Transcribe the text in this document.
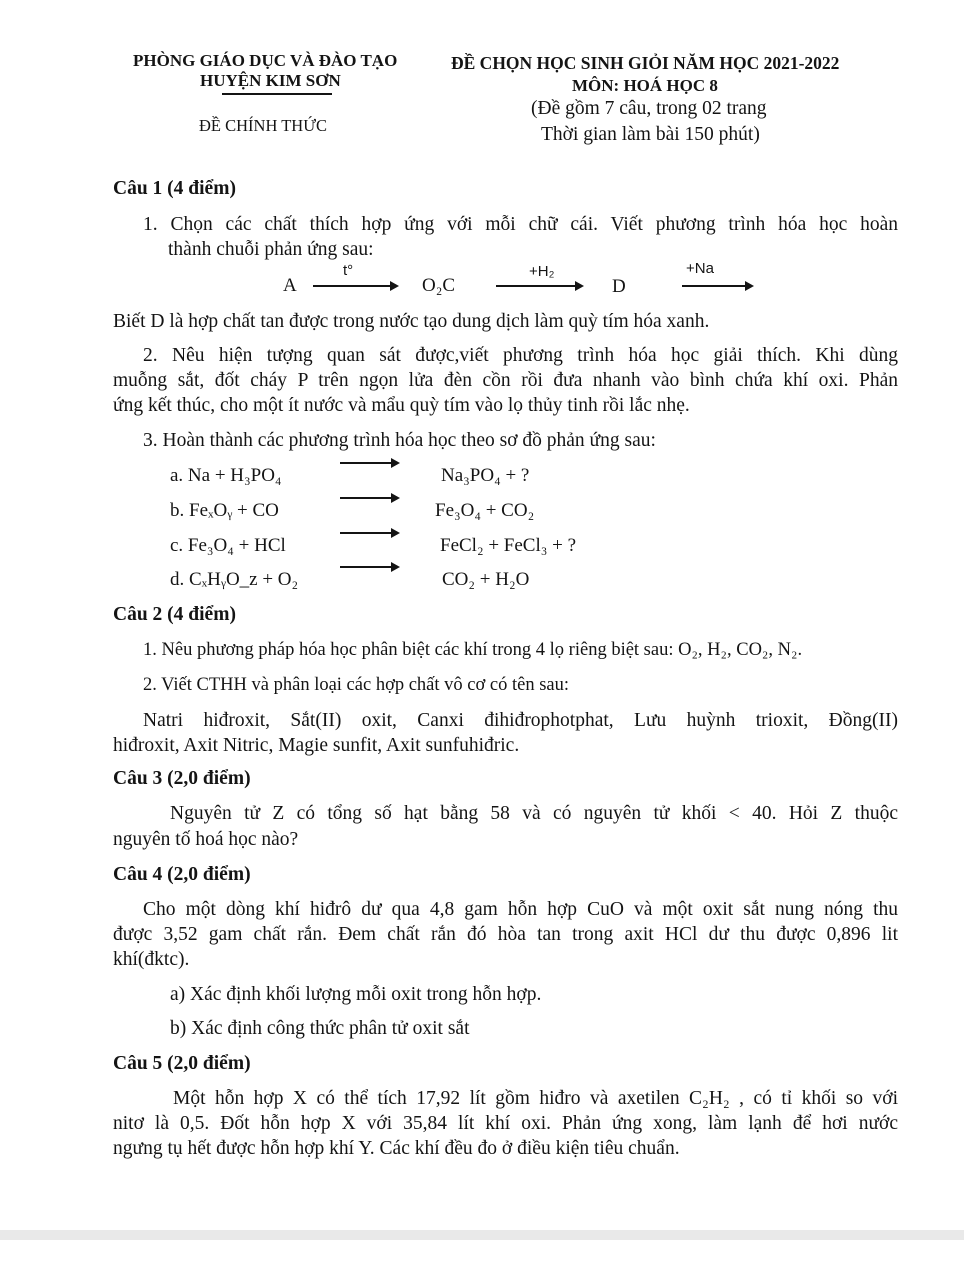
PHÒNG GIÁO DỤC VÀ ĐÀO TẠO
HUYỆN KIM SƠN
ĐỀ CHÍNH THỨC
ĐỀ CHỌN HỌC SINH GIỎI NĂM HỌC 2021-2022
MÔN: HOÁ HỌC 8
(Đề gồm 7 câu, trong 02 trang
Thời gian làm bài 150 phút)
Câu 1 (4 điểm)
1. Chọn các chất thích hợp ứng với mỗi chữ cái. Viết phương trình hóa học hoàn
thành chuỗi phản ứng sau:
A
t°
O₂C
+H₂
D
+Na
Biết D là hợp chất tan được trong nước tạo dung dịch làm quỳ tím hóa xanh.
2. Nêu hiện tượng quan sát được,viết phương trình hóa học giải thích. Khi dùng
muỗng sắt, đốt cháy P trên ngọn lửa đèn cồn rồi đưa nhanh vào bình chứa khí oxi. Phản
ứng kết thúc, cho một ít nước và mẩu quỳ tím vào lọ thủy tinh rồi lắc nhẹ.
3. Hoàn thành các phương trình hóa học theo sơ đồ phản ứng sau:
a. Na + H₃PO₄	Na₃PO₄ + ?
b. FeₓOᵧ + CO	Fe₃O₄ + CO₂
c. Fe₃O₄ + HCl	FeCl₂ + FeCl₃ + ?
d. CₓHᵧO_z + O₂	CO₂ + H₂O
Câu 2 (4 điểm)
1. Nêu phương pháp hóa học phân biệt các khí trong 4 lọ riêng biệt sau: O₂, H₂, CO₂, N₂.
2. Viết CTHH và phân loại các hợp chất vô cơ có tên sau:
Natri hiđroxit, Sắt(II) oxit, Canxi đihiđrophotphat, Lưu huỳnh trioxit, Đồng(II)
hiđroxit, Axit Nitric, Magie sunfit, Axit sunfuhiđric.
Câu 3 (2,0 điểm)
Nguyên tử Z có tổng số hạt bằng 58 và có nguyên tử khối < 40. Hỏi Z thuộc
nguyên tố hoá học nào?
Câu 4 (2,0 điểm)
Cho một dòng khí hiđrô dư qua 4,8 gam hỗn hợp CuO và một oxit sắt nung nóng thu
được 3,52 gam chất rắn. Đem chất rắn đó hòa tan trong axit HCl dư thu được 0,896 lit
khí(đktc).
a) Xác định khối lượng mỗi oxit trong hỗn hợp.
b) Xác định công thức phân tử oxit sắt
Câu 5 (2,0 điểm)
Một hỗn hợp X có thể tích 17,92 lít gồm hiđro và axetilen C₂H₂ , có tỉ khối so với
nitơ là 0,5. Đốt hỗn hợp X với 35,84 lít khí oxi. Phản ứng xong, làm lạnh để hơi nước
ngưng tụ hết được hỗn hợp khí Y. Các khí đều đo ở điều kiện tiêu chuẩn.
